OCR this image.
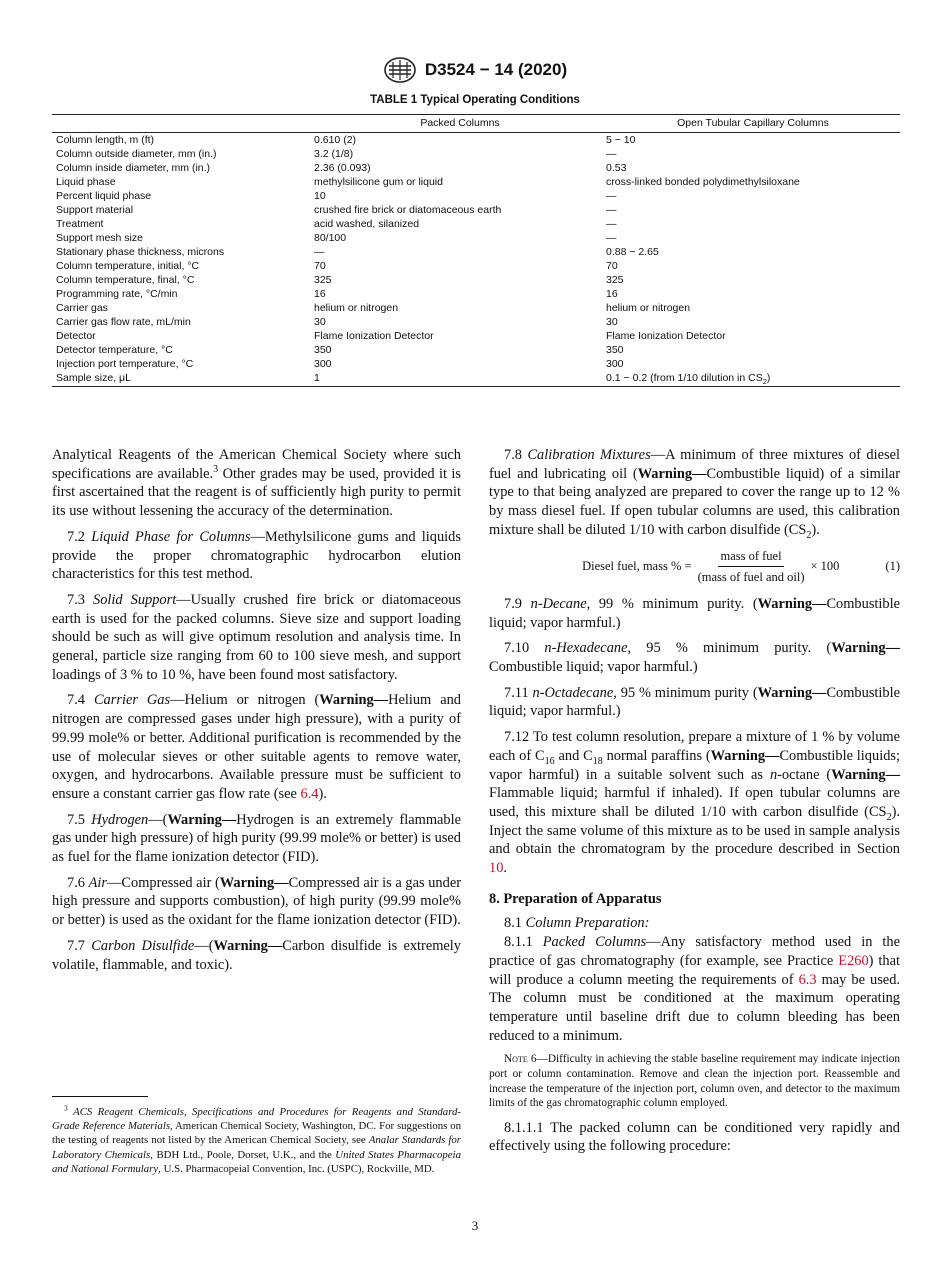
D3524 − 14 (2020)
TABLE 1 Typical Operating Conditions
	Packed Columns	Open Tubular Capillary Columns
Column length, m (ft)	0.610 (2)	5 − 10
Column outside diameter, mm (in.)	3.2 (1/8)	—
Column inside diameter, mm (in.)	2.36 (0.093)	0.53
Liquid phase	methylsilicone gum or liquid	cross-linked bonded polydimethylsiloxane
Percent liquid phase	10	—
Support material	crushed fire brick or diatomaceous earth	—
Treatment	acid washed, silanized	—
Support mesh size	80/100	—
Stationary phase thickness, microns	—	0.88 − 2.65
Column temperature, initial, °C	70	70
Column temperature, final, °C	325	325
Programming rate, °C/min	16	16
Carrier gas	helium or nitrogen	helium or nitrogen
Carrier gas flow rate, mL/min	30	30
Detector	Flame Ionization Detector	Flame Ionization Detector
Detector temperature, °C	350	350
Injection port temperature, °C	300	300
Sample size, μL	1	0.1 − 0.2 (from 1/10 dilution in $CS_2$)

Analytical Reagents of the American Chemical Society where such specifications are available.$^3$ Other grades may be used, provided it is first ascertained that the reagent is of sufficiently high purity to permit its use without lessening the accuracy of the determination.

7.2 Liquid Phase for Columns—Methylsilicone gums and liquids provide the proper chromatographic hydrocarbon elution characteristics for this test method.

7.3 Solid Support—Usually crushed fire brick or diatomaceous earth is used for the packed columns. Sieve size and support loading should be such as will give optimum resolution and analysis time. In general, particle size ranging from 60 to 100 sieve mesh, and support loadings of 3 % to 10 %, have been found most satisfactory.

7.4 Carrier Gas—Helium or nitrogen (Warning—Helium and nitrogen are compressed gases under high pressure), with a purity of 99.99 mole% or better. Additional purification is recommended by the use of molecular sieves or other suitable agents to remove water, oxygen, and hydrocarbons. Available pressure must be sufficient to ensure a constant carrier gas flow rate (see 6.4).

7.5 Hydrogen—(Warning—Hydrogen is an extremely flammable gas under high pressure) of high purity (99.99 mole% or better) is used as fuel for the flame ionization detector (FID).

7.6 Air—Compressed air (Warning—Compressed air is a gas under high pressure and supports combustion), of high purity (99.99 mole% or better) is used as the oxidant for the flame ionization detector (FID).

7.7 Carbon Disulfide—(Warning—Carbon disulfide is extremely volatile, flammable, and toxic).

$^3$ ACS Reagent Chemicals, Specifications and Procedures for Reagents and Standard-Grade Reference Materials, American Chemical Society, Washington, DC. For suggestions on the testing of reagents not listed by the American Chemical Society, see Analar Standards for Laboratory Chemicals, BDH Ltd., Poole, Dorset, U.K., and the United States Pharmacopeia and National Formulary, U.S. Pharmacopeial Convention, Inc. (USPC), Rockville, MD.

7.8 Calibration Mixtures—A minimum of three mixtures of diesel fuel and lubricating oil (Warning—Combustible liquid) of a similar type to that being analyzed are prepared to cover the range up to 12 % by mass diesel fuel. If open tubular columns are used, this calibration mixture shall be diluted 1/10 with carbon disulfide $(CS_2)$.

Diesel fuel, mass % = $\frac{\text{mass of fuel}}{\text{(mass of fuel and oil)}} \times 100$	(1)

7.9 n-Decane, 99 % minimum purity. (Warning—Combustible liquid; vapor harmful.)

7.10 n-Hexadecane, 95 % minimum purity. (Warning—Combustible liquid; vapor harmful.)

7.11 n-Octadecane, 95 % minimum purity (Warning—Combustible liquid; vapor harmful.)

7.12 To test column resolution, prepare a mixture of 1 % by volume each of $C_{16}$ and $C_{18}$ normal paraffins (Warning—Combustible liquids; vapor harmful) in a suitable solvent such as n-octane (Warning—Flammable liquid; harmful if inhaled). If open tubular columns are used, this mixture shall be diluted 1/10 with carbon disulfide $(CS_2)$. Inject the same volume of this mixture as to be used in sample analysis and obtain the chromatogram by the procedure described in Section 10.

8. Preparation of Apparatus

8.1 Column Preparation:

8.1.1 Packed Columns—Any satisfactory method used in the practice of gas chromatography (for example, see Practice E260) that will produce a column meeting the requirements of 6.3 may be used. The column must be conditioned at the maximum operating temperature until baseline drift due to column bleeding has been reduced to a minimum.

Note 6—Difficulty in achieving the stable baseline requirement may indicate injection port or column contamination. Remove and clean the injection port. Reassemble and increase the temperature of the injection port, column oven, and detector to the maximum limits of the gas chromatographic column employed.

8.1.1.1 The packed column can be conditioned very rapidly and effectively using the following procedure:

3
